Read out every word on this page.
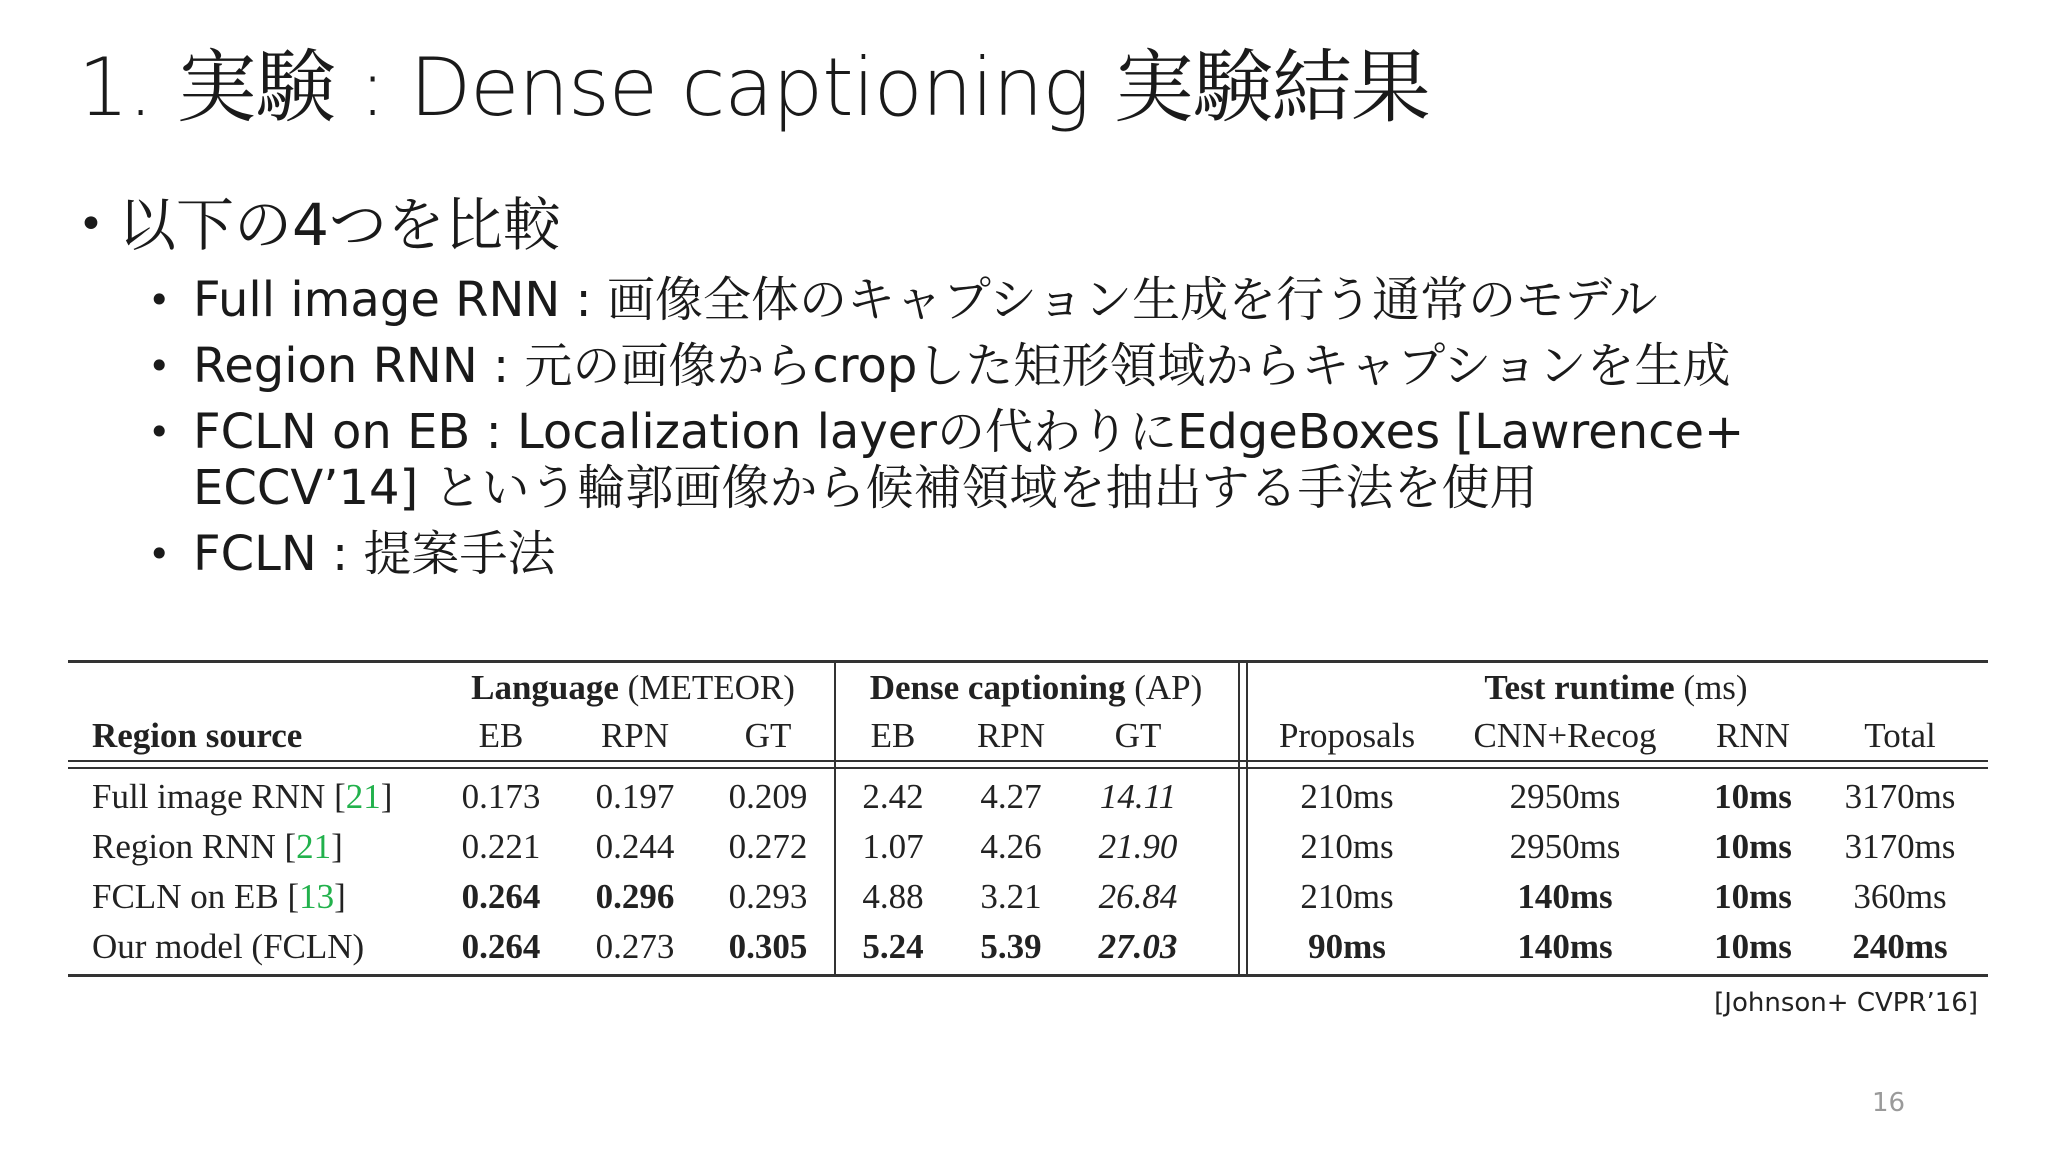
1. 実験 : Dense captioning 実験結果
• 以下の4つを比較
• Full image RNN : 画像全体のキャプション生成を行う通常のモデル
• Region RNN : 元の画像からcropした矩形領域からキャプションを生成
• FCLN on EB : Localization layerの代わりにEdgeBoxes [Lawrence+
ECCV’14] という輪郭画像から候補領域を抽出する手法を使用
• FCLN : 提案手法
Language (METEOR) Dense captioning (AP)	Test runtime (ms)
Region source	EB RPN GT EB RPN GT	Proposals CNN+Recog RNN Total
Full image RNN [21] 0.173 0.197 0.209 2.42 4.27 14.11	210ms	2950ms	10ms 3170ms
Region RNN [21]	0.221 0.244 0.272 1.07 4.26 21.90	210ms	2950ms	10ms 3170ms
FCLN on EB [13]	0.264 0.296 0.293 4.88 3.21 26.84	210ms	140ms	10ms 360ms
Our model (FCLN)	0.264 0.273 0.305 5.24 5.39 27.03	90ms	140ms	10ms 240ms
[Johnson+ CVPR’16]
16
